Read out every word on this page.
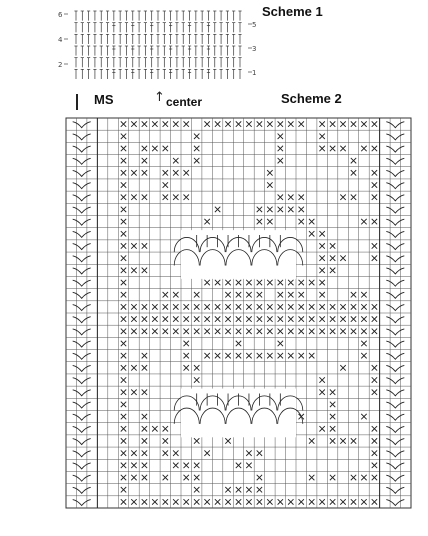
Scheme 1
Scheme 2
MS	↑ center
6
4
2
5
3
1
